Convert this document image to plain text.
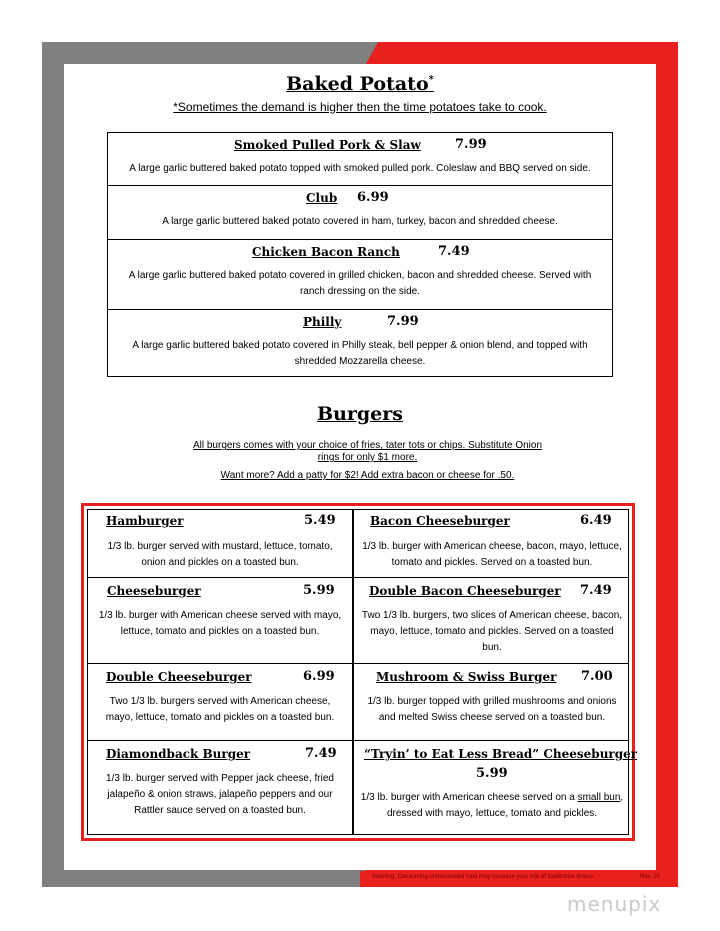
Warning: Consuming undercooked food may increase your risk of foodborne illness.	Rev. 07
menupix
Baked Potato*
*Sometimes the demand is higher then the time potatoes take to cook.
Smoked Pulled Pork & Slaw	7.99
A large garlic buttered baked potato topped with smoked pulled pork. Coleslaw and BBQ served on side.
Club 6.99
A large garlic buttered baked potato covered in ham, turkey, bacon and shredded cheese.
Chicken Bacon Ranch	7.49
A large garlic buttered baked potato covered in grilled chicken, bacon and shredded cheese. Served with ranch dressing on the side.
Philly	7.99
A large garlic buttered baked potato covered in Philly steak, bell pepper & onion blend, and topped with shredded Mozzarella cheese.
Burgers
All burgers comes with your choice of fries, tater tots or chips. Substitute Onion rings for only $1 more.
Want more? Add a patty for $2! Add extra bacon or cheese for .50.
Hamburger	5.49
1/3 lb. burger served with mustard, lettuce, tomato, onion and pickles on a toasted bun.
Bacon Cheeseburger	6.49
1/3 lb. burger with American cheese, bacon, mayo, lettuce, tomato and pickles. Served on a toasted bun.
Cheeseburger	5.99
1/3 lb. burger with American cheese served with mayo, lettuce, tomato and pickles on a toasted bun.
Double Bacon Cheeseburger 7.49
Two 1/3 lb. burgers, two slices of American cheese, bacon, mayo, lettuce, tomato and pickles. Served on a toasted bun.
Double Cheeseburger	6.99
Two 1/3 lb. burgers served with American cheese, mayo, lettuce, tomato and pickles on a toasted bun.
Mushroom & Swiss Burger 7.00
1/3 lb. burger topped with grilled mushrooms and onions and melted Swiss cheese served on a toasted bun.
Diamondback Burger	7.49
1/3 lb. burger served with Pepper jack cheese, fried jalapeño & onion straws, jalapeño peppers and our Rattler sauce served on a toasted bun.
“Tryin’ to Eat Less Bread” Cheeseburger
5.99
1/3 lb. burger with American cheese served on a small bun, dressed with mayo, lettuce, tomato and pickles.
